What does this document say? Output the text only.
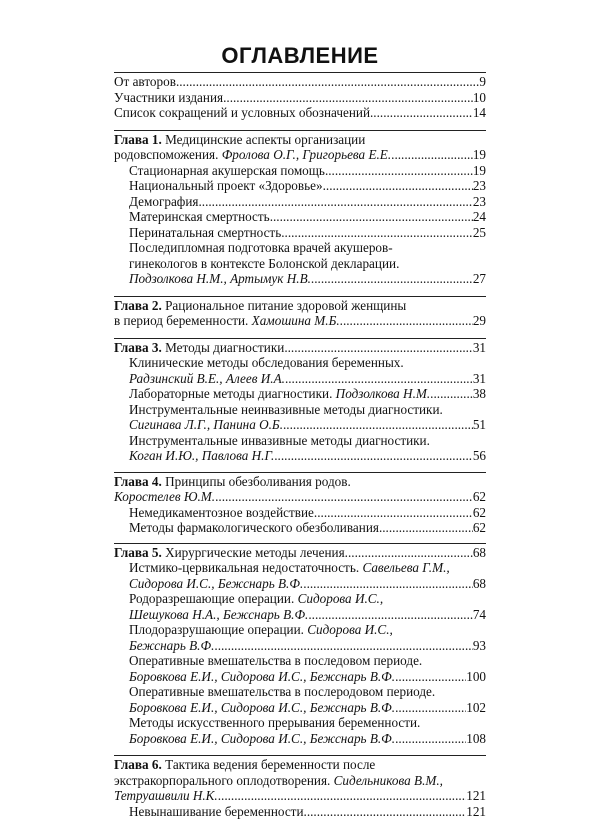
ОГЛАВЛЕНИЕ
От авторов .....	9
Участники издания .....	10
Список сокращений и условных обозначений .....	14
Глава 1. Медицинские аспекты организации
родовспоможения. Фролова О.Г., Григорьева Е.Е. .....	19
Стационарная акушерская помощь .....	19
Национальный проект «Здоровье» .....	23
Демография .....	23
Материнская смертность .....	24
Перинатальная смертность .....	25
Последипломная подготовка врачей акушеров-
гинекологов в контексте Болонской декларации.
Подзолкова Н.М., Артымук Н.В. .....	27
Глава 2. Рациональное питание здоровой женщины
в период беременности. Хамошина М.Б. .....	29
Глава 3. Методы диагностики .....	31
Клинические методы обследования беременных.
Радзинский В.Е., Алеев И.А. .....	31
Лабораторные методы диагностики. Подзолкова Н.М. .....	38
Инструментальные неинвазивные методы диагностики.
Сигинава Л.Г., Панина О.Б. .....	51
Инструментальные инвазивные методы диагностики.
Коган И.Ю., Павлова Н.Г. .....	56
Глава 4. Принципы обезболивания родов.
Коростелев Ю.М. .....	62
Немедикаментозное воздействие .....	62
Методы фармакологического обезболивания .....	62
Глава 5. Хирургические методы лечения .....	68
Истмико-цервикальная недостаточность. Савельева Г.М.,
Сидорова И.С., Бежснарь В.Ф. .....	68
Родоразрешающие операции. Сидорова И.С.,
Шешукова Н.А., Бежснарь В.Ф. .....	74
Плодоразрушающие операции. Сидорова И.С.,
Бежснарь В.Ф. .....	93
Оперативные вмешательства в последовом периоде.
Боровкова Е.И., Сидорова И.С., Бежснарь В.Ф. .....	100
Оперативные вмешательства в послеродовом периоде.
Боровкова Е.И., Сидорова И.С., Бежснарь В.Ф. .....	102
Методы искусственного прерывания беременности.
Боровкова Е.И., Сидорова И.С., Бежснарь В.Ф. .....	108
Глава 6. Тактика ведения беременности после
экстракорпорального оплодотворения. Сидельникова В.М.,
Тетруашвили Н.К. .....	121
Невынашивание беременности .....	121
